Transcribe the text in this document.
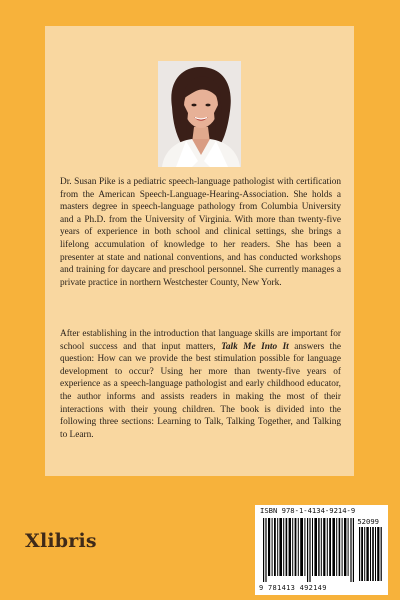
Dr. Susan Pike is a pediatric speech-language pathologist with certification from the American Speech-Language-Hearing-Association. She holds a masters degree in speech-language pathology from Columbia University and a Ph.D. from the University of Virginia. With more than twenty-five years of experience in both school and clinical settings, she brings a lifelong accumulation of knowledge to her readers. She has been a presenter at state and national conventions, and has conducted workshops and training for daycare and preschool personnel. She currently manages a private practice in northern Westchester County, New York.

After establishing in the introduction that language skills are important for school success and that input matters, Talk Me Into It answers the question: How can we provide the best stimulation possible for language development to occur? Using her more than twenty-five years of experience as a speech-language pathologist and early childhood educator, the author informs and assists readers in making the most of their interactions with their young children. The book is divided into the following three sections: Learning to Talk, Talking Together, and Talking to Learn.

Xlibris
ISBN 978-1-4134-9214-9
52099
9 781413 492149
